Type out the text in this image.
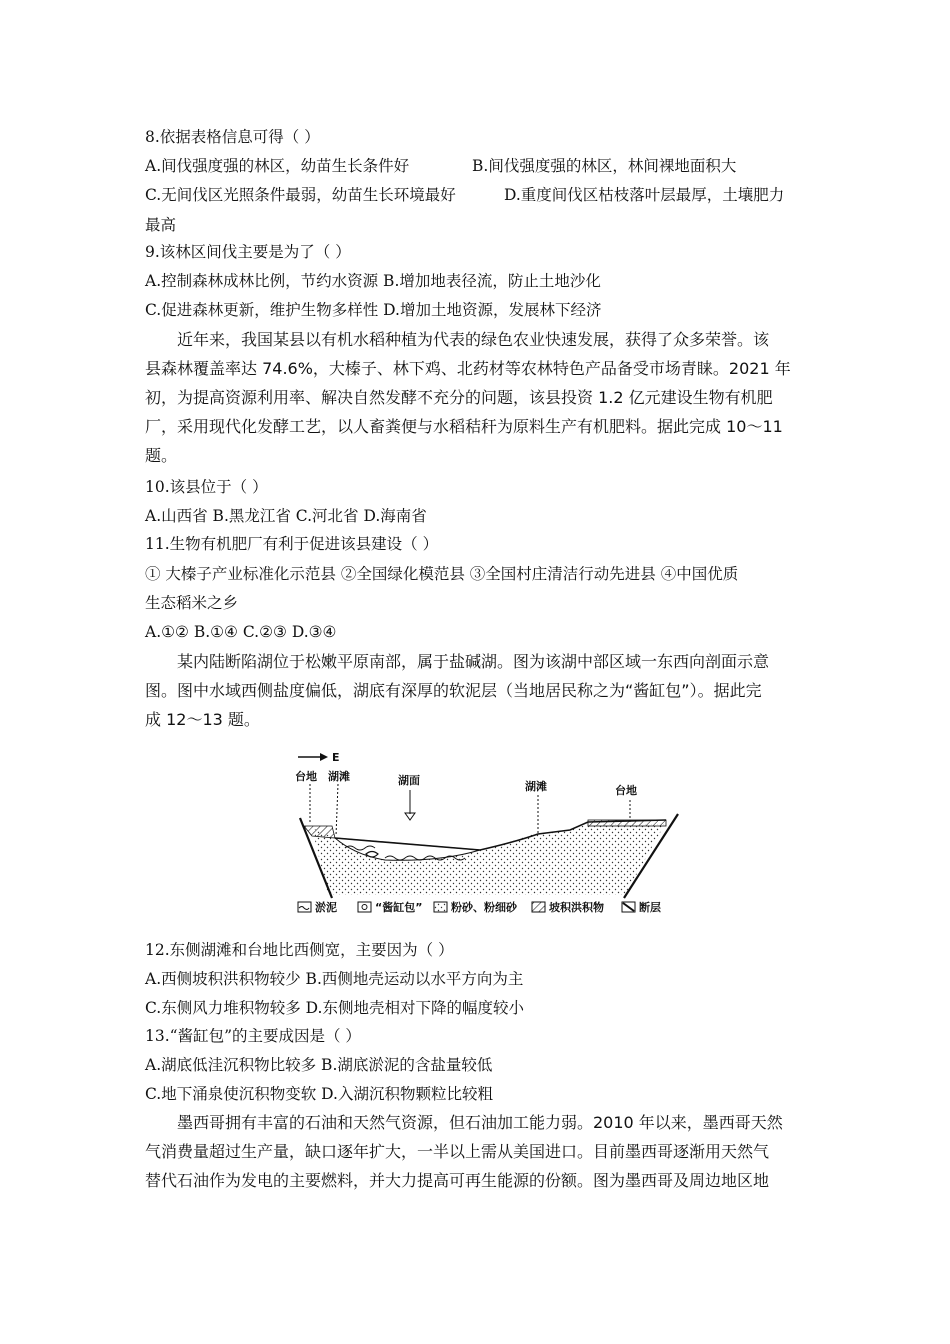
8.依据表格信息可得（ ）
A.间伐强度强的林区，幼苗生长条件好	B.间伐强度强的林区，林间裸地面积大
C.无间伐区光照条件最弱，幼苗生长环境最好	D.重度间伐区枯枝落叶层最厚，土壤肥力
最高
9.该林区间伐主要是为了（ ）
A.控制森林成林比例，节约水资源 B.增加地表径流，防止土地沙化
C.促进森林更新，维护生物多样性 D.增加土地资源，发展林下经济
近年来，我国某县以有机水稻种植为代表的绿色农业快速发展，获得了众多荣誉。该
县森林覆盖率达 74.6%，大榛子、林下鸡、北药材等农林特色产品备受市场青睐。2021 年
初，为提高资源利用率、解决自然发酵不充分的问题，该县投资 1.2 亿元建设生物有机肥
厂，采用现代化发酵工艺，以人畜粪便与水稻秸秆为原料生产有机肥料。据此完成 10～11
题。
10.该县位于（ ）
A.山西省 B.黑龙江省 C.河北省 D.海南省
11.生物有机肥厂有利于促进该县建设（ ）
① 大榛子产业标准化示范县 ②全国绿化模范县 ③全国村庄清洁行动先进县 ④中国优质
生态稻米之乡
A.①② B.①④ C.②③ D.③④
某内陆断陷湖位于松嫩平原南部，属于盐碱湖。图为该湖中部区域一东西向剖面示意
图。图中水域西侧盐度偏低，湖底有深厚的软泥层（当地居民称之为“酱缸包”）。据此完
成 12～13 题。
E
台地 湖滩	湖面	湖滩	台地
淤泥	“酱缸包”	粉砂、粉细砂	坡积洪积物	断层
12.东侧湖滩和台地比西侧宽，主要因为（ ）
A.西侧坡积洪积物较少 B.西侧地壳运动以水平方向为主
C.东侧风力堆积物较多 D.东侧地壳相对下降的幅度较小
13.“酱缸包”的主要成因是（ ）
A.湖底低洼沉积物比较多 B.湖底淤泥的含盐量较低
C.地下涌泉使沉积物变软 D.入湖沉积物颗粒比较粗
墨西哥拥有丰富的石油和天然气资源，但石油加工能力弱。2010 年以来，墨西哥天然
气消费量超过生产量，缺口逐年扩大，一半以上需从美国进口。目前墨西哥逐渐用天然气
替代石油作为发电的主要燃料，并大力提高可再生能源的份额。图为墨西哥及周边地区地
